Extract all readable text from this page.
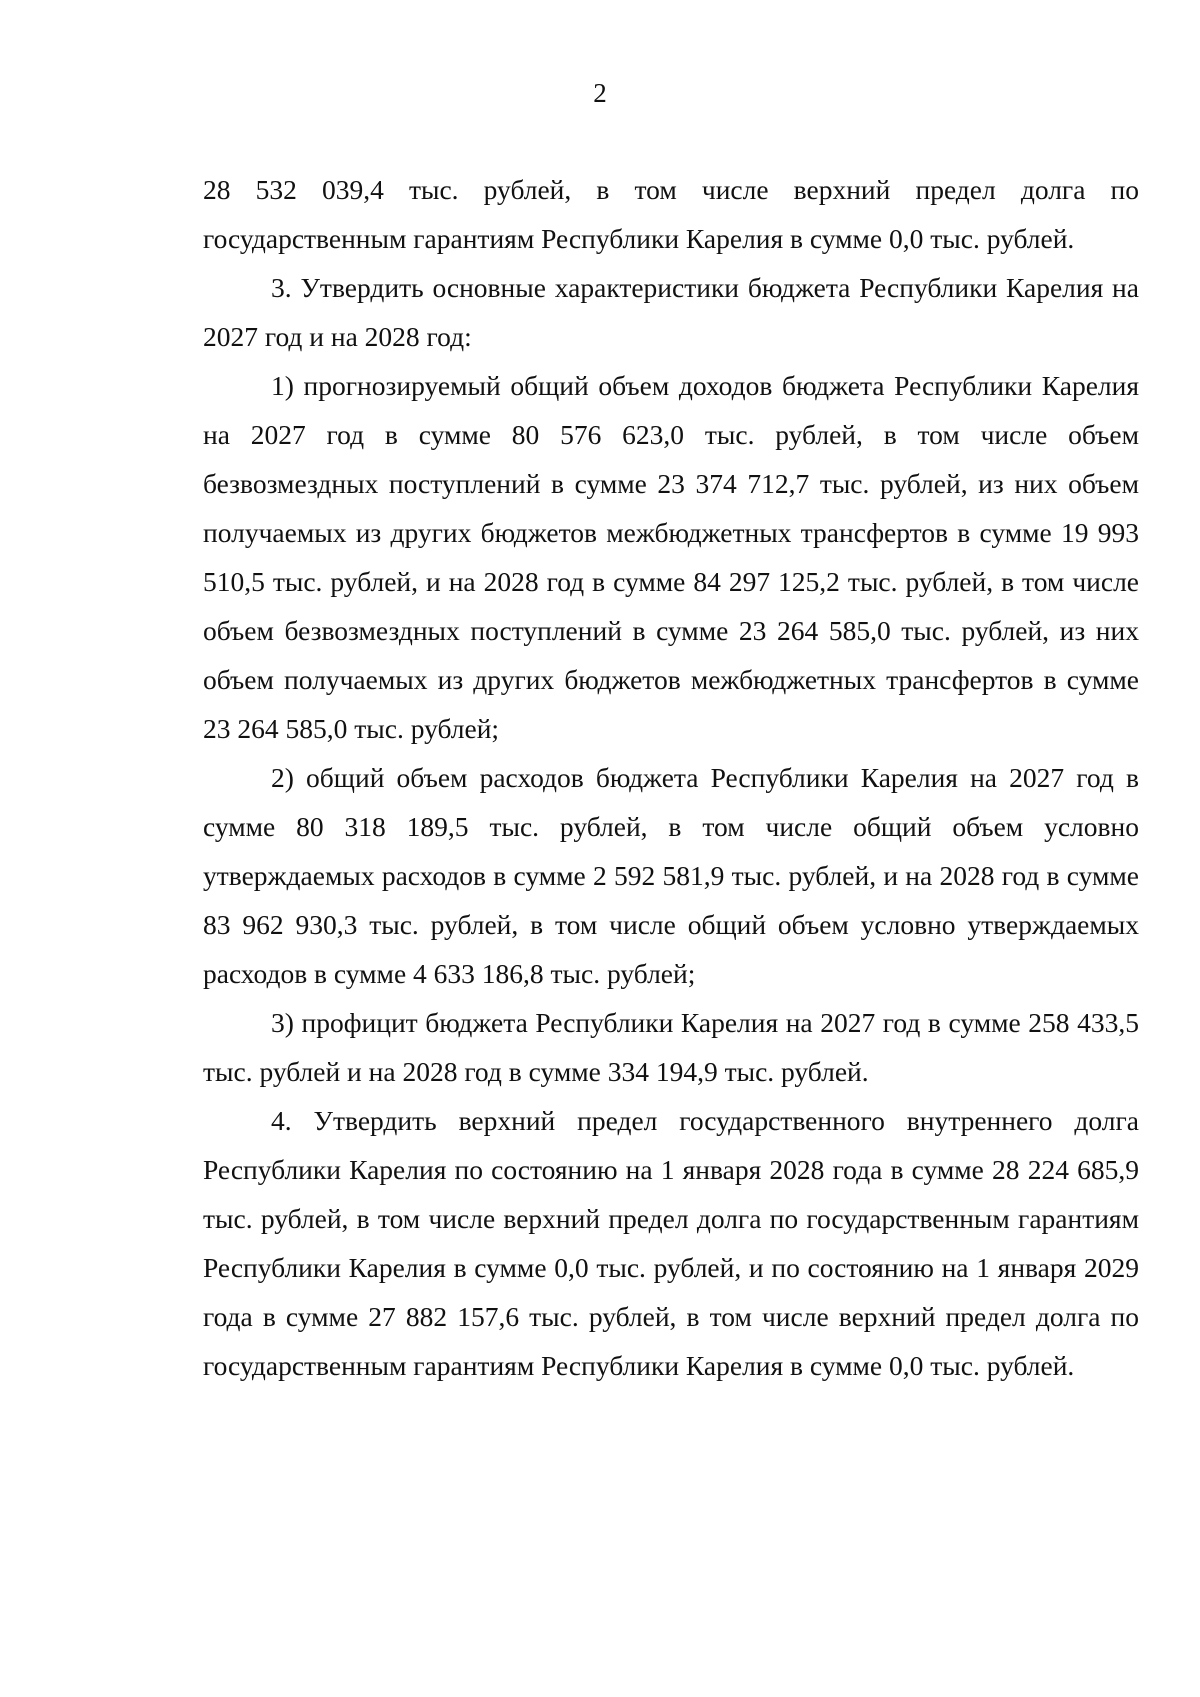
2

28 532 039,4 тыс. рублей, в том числе верхний предел долга по государственным гарантиям Республики Карелия в сумме 0,0 тыс. рублей.

3. Утвердить основные характеристики бюджета Республики Карелия на 2027 год и на 2028 год:

1) прогнозируемый общий объем доходов бюджета Республики Карелия на 2027 год в сумме 80 576 623,0 тыс. рублей, в том числе объем безвозмездных поступлений в сумме 23 374 712,7 тыс. рублей, из них объем получаемых из других бюджетов межбюджетных трансфертов в сумме 19 993 510,5 тыс. рублей, и на 2028 год в сумме 84 297 125,2 тыс. рублей, в том числе объем безвозмездных поступлений в сумме 23 264 585,0 тыс. рублей, из них объем получаемых из других бюджетов межбюджетных трансфертов в сумме 23 264 585,0 тыс. рублей;

2) общий объем расходов бюджета Республики Карелия на 2027 год в сумме 80 318 189,5 тыс. рублей, в том числе общий объем условно утверждаемых расходов в сумме 2 592 581,9 тыс. рублей, и на 2028 год в сумме 83 962 930,3 тыс. рублей, в том числе общий объем условно утверждаемых расходов в сумме 4 633 186,8 тыс. рублей;

3) профицит бюджета Республики Карелия на 2027 год в сумме 258 433,5 тыс. рублей и на 2028 год в сумме 334 194,9 тыс. рублей.

4. Утвердить верхний предел государственного внутреннего долга Республики Карелия по состоянию на 1 января 2028 года в сумме 28 224 685,9 тыс. рублей, в том числе верхний предел долга по государственным гарантиям Республики Карелия в сумме 0,0 тыс. рублей, и по состоянию на 1 января 2029 года в сумме 27 882 157,6 тыс. рублей, в том числе верхний предел долга по государственным гарантиям Республики Карелия в сумме 0,0 тыс. рублей.
